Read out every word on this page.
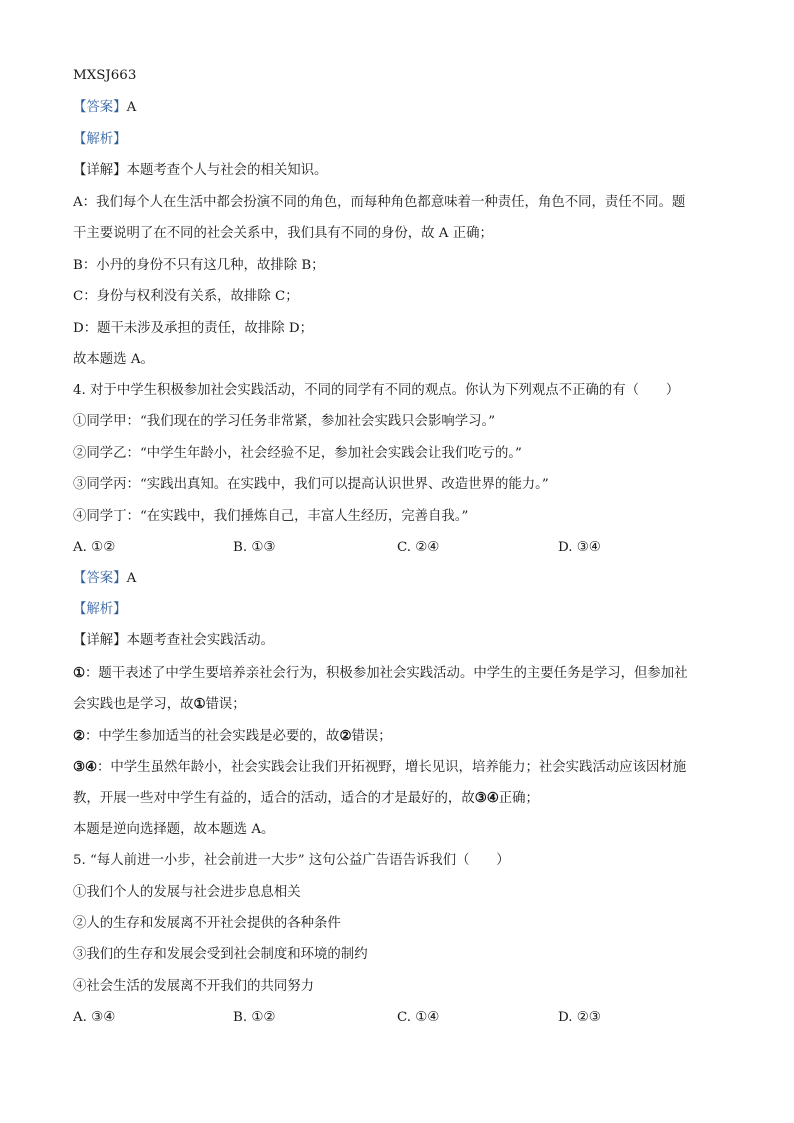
MXSJ663
【答案】A
【解析】
【详解】本题考查个人与社会的相关知识。
A：我们每个人在生活中都会扮演不同的角色，而每种角色都意味着一种责任，角色不同，责任不同。题
干主要说明了在不同的社会关系中，我们具有不同的身份，故 A 正确；
B：小丹的身份不只有这几种，故排除 B；
C：身份与权利没有关系，故排除 C；
D：题干未涉及承担的责任，故排除 D；
故本题选 A。
4. 对于中学生积极参加社会实践活动，不同的同学有不同的观点。你认为下列观点不正确的有（　　）
①同学甲：“我们现在的学习任务非常紧，参加社会实践只会影响学习。”
②同学乙：“中学生年龄小，社会经验不足，参加社会实践会让我们吃亏的。”
③同学丙：“实践出真知。在实践中，我们可以提高认识世界、改造世界的能力。”
④同学丁：“在实践中，我们捶炼自己，丰富人生经历，完善自我。”
A. ①②	B. ①③	C. ②④	D. ③④
【答案】A
【解析】
【详解】本题考查社会实践活动。
①：题干表述了中学生要培养亲社会行为，积极参加社会实践活动。中学生的主要任务是学习，但参加社
会实践也是学习，故①错误；
②：中学生参加适当的社会实践是必要的，故②错误；
③④：中学生虽然年龄小，社会实践会让我们开拓视野，增长见识，培养能力；社会实践活动应该因材施
教，开展一些对中学生有益的，适合的活动，适合的才是最好的，故③④正确；
本题是逆向选择题，故本题选 A。
5. “每人前进一小步，社会前进一大步” 这句公益广告语告诉我们（　　）
①我们个人的发展与社会进步息息相关
②人的生存和发展离不开社会提供的各种条件
③我们的生存和发展会受到社会制度和环境的制约
④社会生活的发展离不开我们的共同努力
A. ③④	B. ①②	C. ①④	D. ②③
